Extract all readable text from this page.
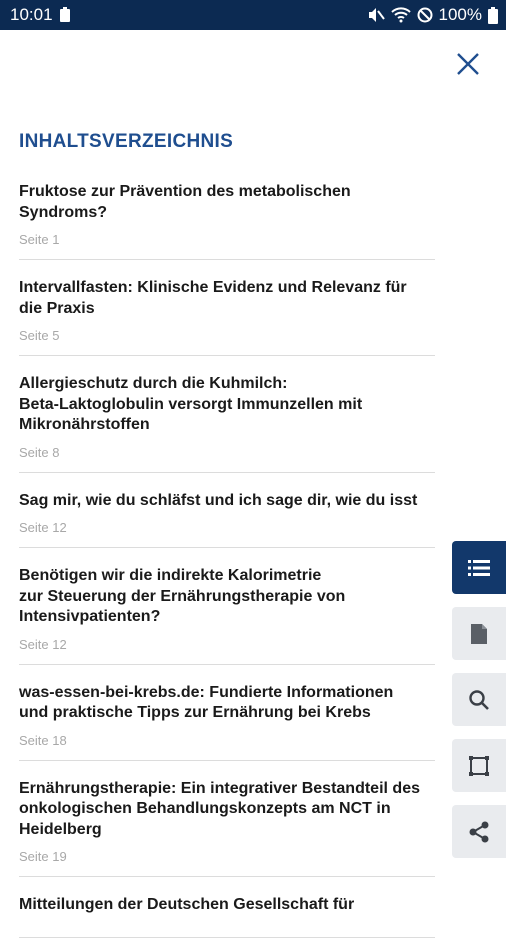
10:01	100%
INHALTSVERZEICHNIS
Fruktose zur Prävention des metabolischen
Syndroms?
Seite 1
Intervallfasten: Klinische Evidenz und Relevanz für
die Praxis
Seite 5
Allergieschutz durch die Kuhmilch:
Beta-Laktoglobulin versorgt Immunzellen mit
Mikronährstoffen
Seite 8
Sag mir, wie du schläfst und ich sage dir, wie du isst
Seite 12
Benötigen wir die indirekte Kalorimetrie
zur Steuerung der Ernährungstherapie von
Intensivpatienten?
Seite 12
was-essen-bei-krebs.de: Fundierte Informationen
und praktische Tipps zur Ernährung bei Krebs
Seite 18
Ernährungstherapie: Ein integrativer Bestandteil des
onkologischen Behandlungskonzepts am NCT in
Heidelberg
Seite 19
Mitteilungen der Deutschen Gesellschaft für
